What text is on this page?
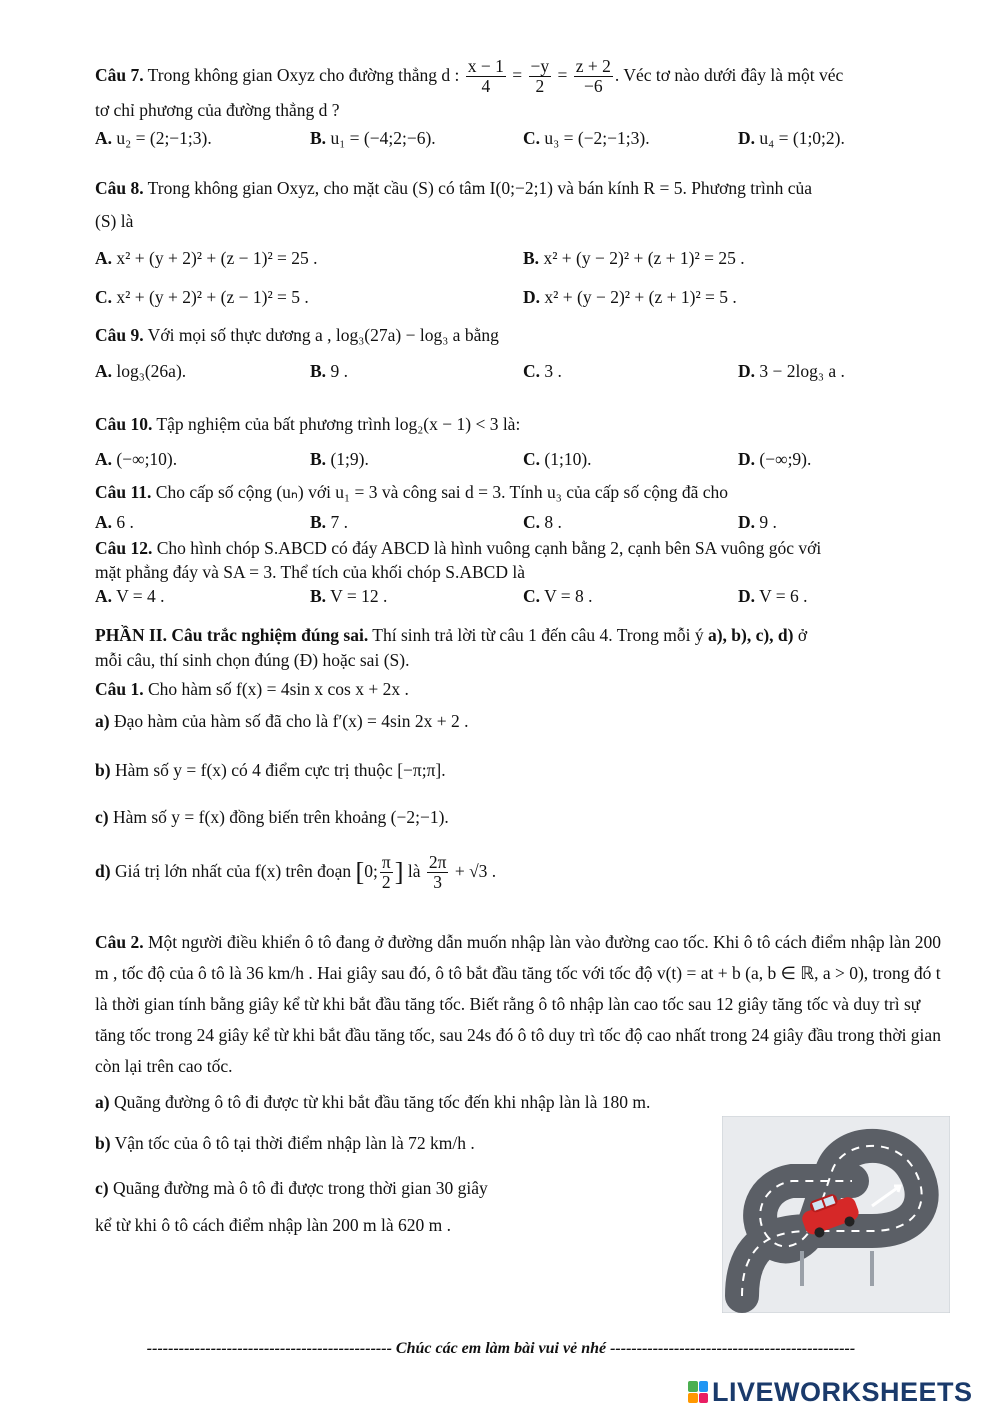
Câu 7. Trong không gian Oxyz cho đường thẳng d : $\frac{x - 1}{4} = \frac{-y}{2} = \frac{z + 2}{-6}$ . Véc tơ nào dưới đây là một véc
tơ chỉ phương của đường thẳng d ?
A. u₂ = (2;−1;3).	B. u₁ = (−4;2;−6).	C. u₃ = (−2;−1;3).	D. u₄ = (1;0;2).
Câu 8. Trong không gian Oxyz, cho mặt cầu (S) có tâm I(0;−2;1) và bán kính R = 5. Phương trình của
(S) là
A. x² + (y + 2)² + (z − 1)² = 25 .	B. x² + (y − 2)² + (z + 1)² = 25 .
C. x² + (y + 2)² + (z − 1)² = 5 .	D. x² + (y − 2)² + (z + 1)² = 5 .
Câu 9. Với mọi số thực dương a , log₃(27a) − log₃ a bằng
A. log₃(26a).	B. 9 .	C. 3 .	D. 3 − 2log₃ a .
Câu 10. Tập nghiệm của bất phương trình log₂(x − 1) < 3 là:
A. (−∞;10).	B. (1;9).	C. (1;10).	D. (−∞;9).
Câu 11. Cho cấp số cộng (uₙ) với u₁ = 3 và công sai d = 3. Tính u₃ của cấp số cộng đã cho
A. 6 .	B. 7 .	C. 8 .	D. 9 .
Câu 12. Cho hình chóp S.ABCD có đáy ABCD là hình vuông cạnh bằng 2, cạnh bên SA vuông góc với
mặt phẳng đáy và SA = 3. Thể tích của khối chóp S.ABCD là
A. V = 4 .	B. V = 12 .	C. V = 8 .	D. V = 6 .
PHẦN II. Câu trắc nghiệm đúng sai. Thí sinh trả lời từ câu 1 đến câu 4. Trong mỗi ý a), b), c), d) ở
mỗi câu, thí sinh chọn đúng (Đ) hoặc sai (S).
Câu 1. Cho hàm số f(x) = 4sin x cos x + 2x .
a) Đạo hàm của hàm số đã cho là f′(x) = 4sin 2x + 2 .
b) Hàm số y = f(x) có 4 điểm cực trị thuộc [−π;π].
c) Hàm số y = f(x) đồng biến trên khoảng (−2;−1).
d) Giá trị lớn nhất của f(x) trên đoạn [0; $\frac{\pi}{2}$ ] là $\frac{2\pi}{3} + √3$ .
Câu 2. Một người điều khiển ô tô đang ở đường dẫn muốn nhập làn vào đường cao tốc. Khi ô tô cách điểm nhập làn 200 m , tốc độ của ô tô là 36 km/h . Hai giây sau đó, ô tô bắt đầu tăng tốc với tốc độ v(t) = at + b (a, b ∈ ℝ, a > 0), trong đó t là thời gian tính bằng giây kể từ khi bắt đầu tăng tốc. Biết rằng ô tô nhập làn cao tốc sau 12 giây tăng tốc và duy trì sự tăng tốc trong 24 giây kể từ khi bắt đầu tăng tốc, sau 24s đó ô tô duy trì tốc độ cao nhất trong 24 giây đầu trong thời gian còn lại trên cao tốc.
a) Quãng đường ô tô đi được từ khi bắt đầu tăng tốc đến khi nhập làn là 180 m.
b) Vận tốc của ô tô tại thời điểm nhập làn là 72 km/h .
c) Quãng đường mà ô tô đi được trong thời gian 30 giây
kể từ khi ô tô cách điểm nhập làn 200 m là 620 m .
---------------------------------------------- Chúc các em làm bài vui vẻ nhé ----------------------------------------------
LIVEWORKSHEETS
